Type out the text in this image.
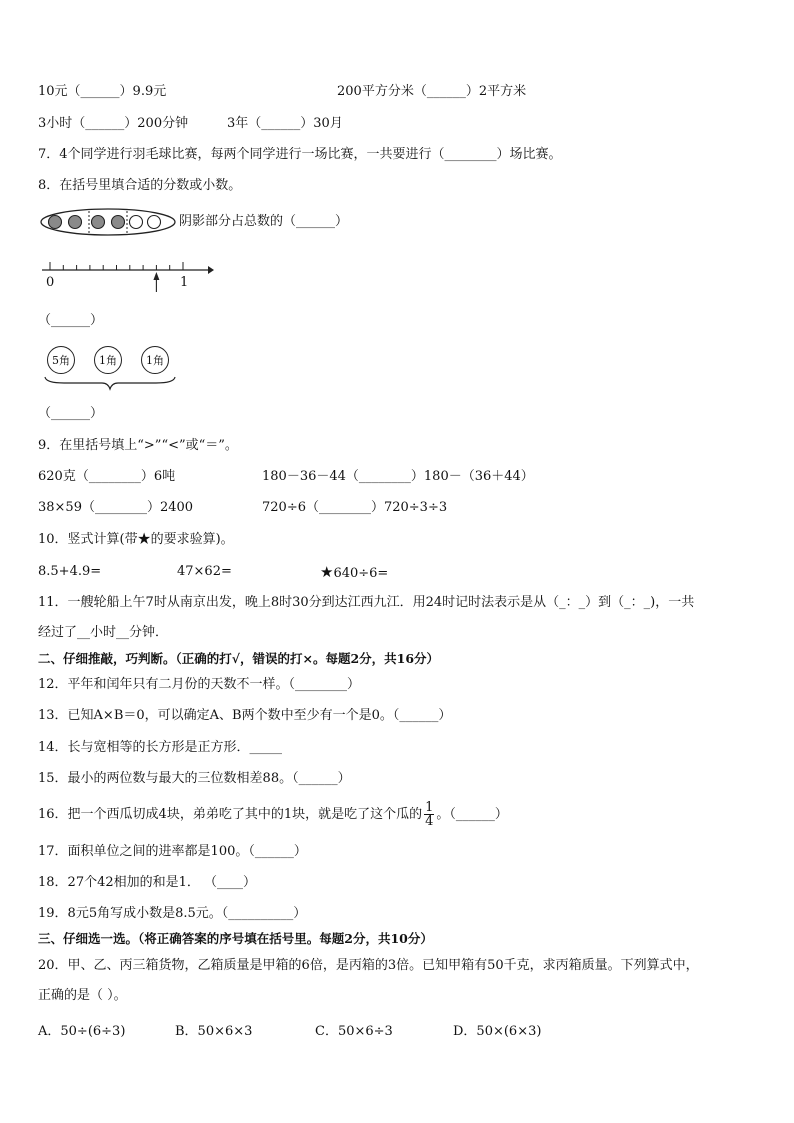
10元（______）9.9元	200平方分米（______）2平方米
3小时（______）200分钟	3年（______）30月
7．4个同学进行羽毛球比赛，每两个同学进行一场比赛，一共要进行（________）场比赛。
8．在括号里填合适的分数或小数。
阴影部分占总数的（______）
0	1
（______）
5角	1角	1角
（______）
9．在里括号填上“>”“<”或“＝”。
620克（________）6吨	180－36－44（________）180－（36＋44）
38×59（________）2400	720÷6（________）720÷3÷3
10．竖式计算(带★的要求验算)。
8.5+4.9=	47×62=	★640÷6=
11．一艘轮船上午7时从南京出发，晚上8时30分到达江西九江．用24时记时法表示是从（_：_）到（_：_)，一共
经过了__小时__分钟．
二、仔细推敲，巧判断。（正确的打√，错误的打×。每题2分，共16分）
12．平年和闰年只有二月份的天数不一样。（________）
13．已知A×B＝0，可以确定A、B两个数中至少有一个是0。（______）
14．长与宽相等的长方形是正方形．_____
15．最小的两位数与最大的三位数相差88。（______）
16．把一个西瓜切成4块，弟弟吃了其中的1块，就是吃了这个瓜的 $\frac{1}{4}$ 。（______）
17．面积单位之间的进率都是100。（______）
18．27个42相加的和是1． （____）
19．8元5角写成小数是8.5元。（__________）
三、仔细选一选。（将正确答案的序号填在括号里。每题2分，共10分）
20．甲、乙、丙三箱货物，乙箱质量是甲箱的6倍，是丙箱的3倍。已知甲箱有50千克，求丙箱质量。下列算式中，
正确的是（ ）。
A．50÷(6÷3)	B．50×6×3	C．50×6÷3	D．50×(6×3)
